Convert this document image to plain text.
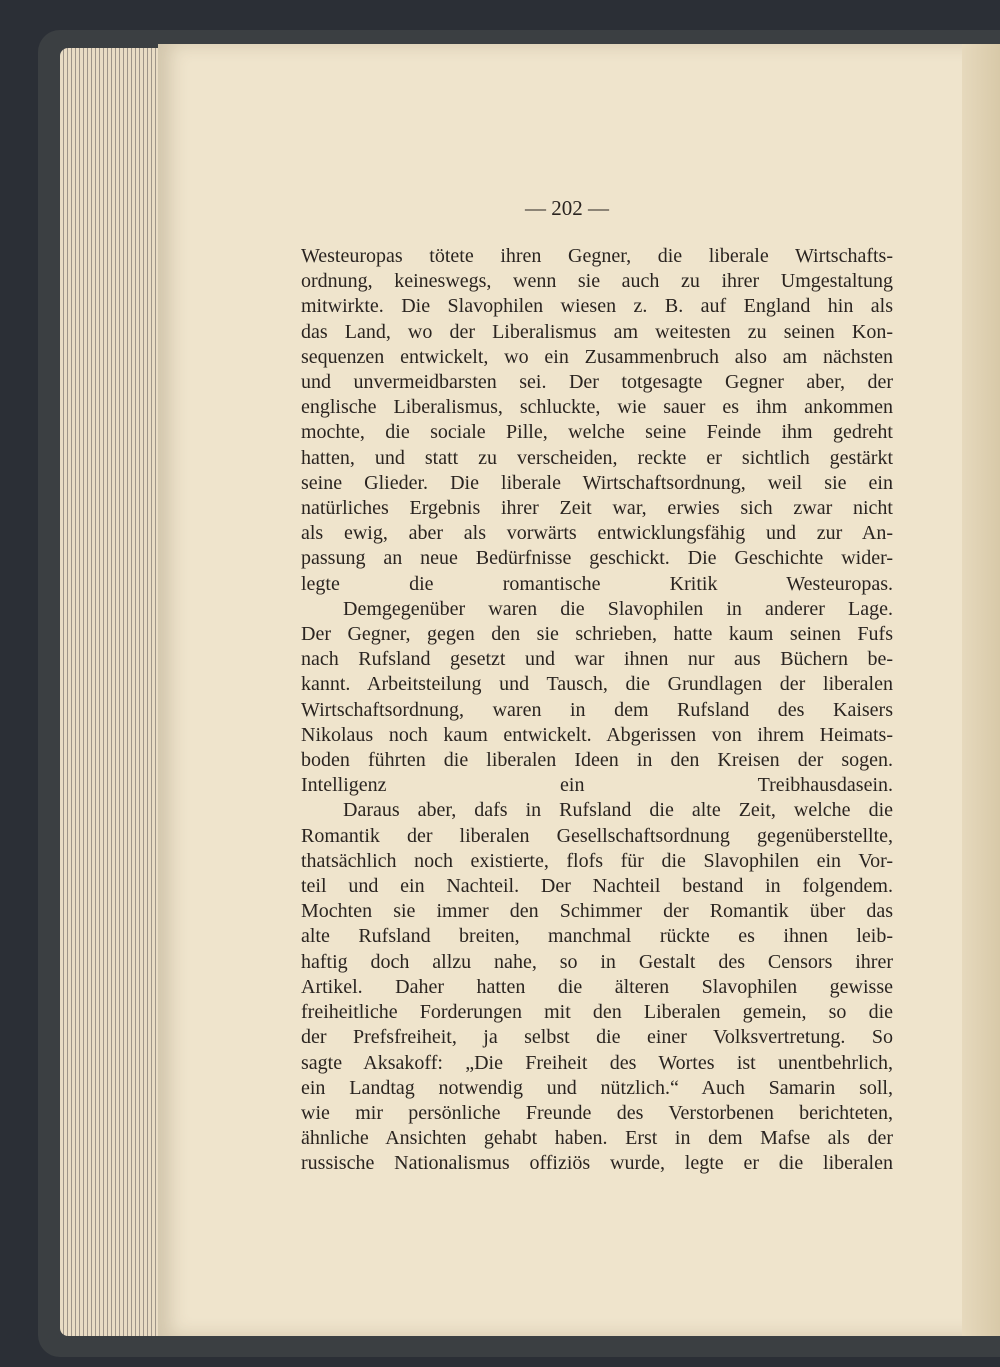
— 202 —

Westeuropas tötete ihren Gegner, die liberale Wirtschafts-
ordnung, keineswegs, wenn sie auch zu ihrer Umgestaltung
mitwirkte. Die Slavophilen wiesen z. B. auf England hin als
das Land, wo der Liberalismus am weitesten zu seinen Kon-
sequenzen entwickelt, wo ein Zusammenbruch also am nächsten
und unvermeidbarsten sei. Der totgesagte Gegner aber, der
englische Liberalismus, schluckte, wie sauer es ihm ankommen
mochte, die sociale Pille, welche seine Feinde ihm gedreht
hatten, und statt zu verscheiden, reckte er sichtlich gestärkt
seine Glieder. Die liberale Wirtschaftsordnung, weil sie ein
natürliches Ergebnis ihrer Zeit war, erwies sich zwar nicht
als ewig, aber als vorwärts entwicklungsfähig und zur An-
passung an neue Bedürfnisse geschickt. Die Geschichte wider-
legte die romantische Kritik Westeuropas.

Demgegenüber waren die Slavophilen in anderer Lage.
Der Gegner, gegen den sie schrieben, hatte kaum seinen Fufs
nach Rufsland gesetzt und war ihnen nur aus Büchern be-
kannt. Arbeitsteilung und Tausch, die Grundlagen der liberalen
Wirtschaftsordnung, waren in dem Rufsland des Kaisers
Nikolaus noch kaum entwickelt. Abgerissen von ihrem Heimats-
boden führten die liberalen Ideen in den Kreisen der sogen.
Intelligenz ein Treibhausdasein.

Daraus aber, dafs in Rufsland die alte Zeit, welche die
Romantik der liberalen Gesellschaftsordnung gegenüberstellte,
thatsächlich noch existierte, flofs für die Slavophilen ein Vor-
teil und ein Nachteil. Der Nachteil bestand in folgendem.
Mochten sie immer den Schimmer der Romantik über das
alte Rufsland breiten, manchmal rückte es ihnen leib-
haftig doch allzu nahe, so in Gestalt des Censors ihrer
Artikel. Daher hatten die älteren Slavophilen gewisse
freiheitliche Forderungen mit den Liberalen gemein, so die
der Prefsfreiheit, ja selbst die einer Volksvertretung. So
sagte Aksakoff: „Die Freiheit des Wortes ist unentbehrlich,
ein Landtag notwendig und nützlich.“ Auch Samarin soll,
wie mir persönliche Freunde des Verstorbenen berichteten,
ähnliche Ansichten gehabt haben. Erst in dem Mafse als der
russische Nationalismus offiziös wurde, legte er die liberalen
